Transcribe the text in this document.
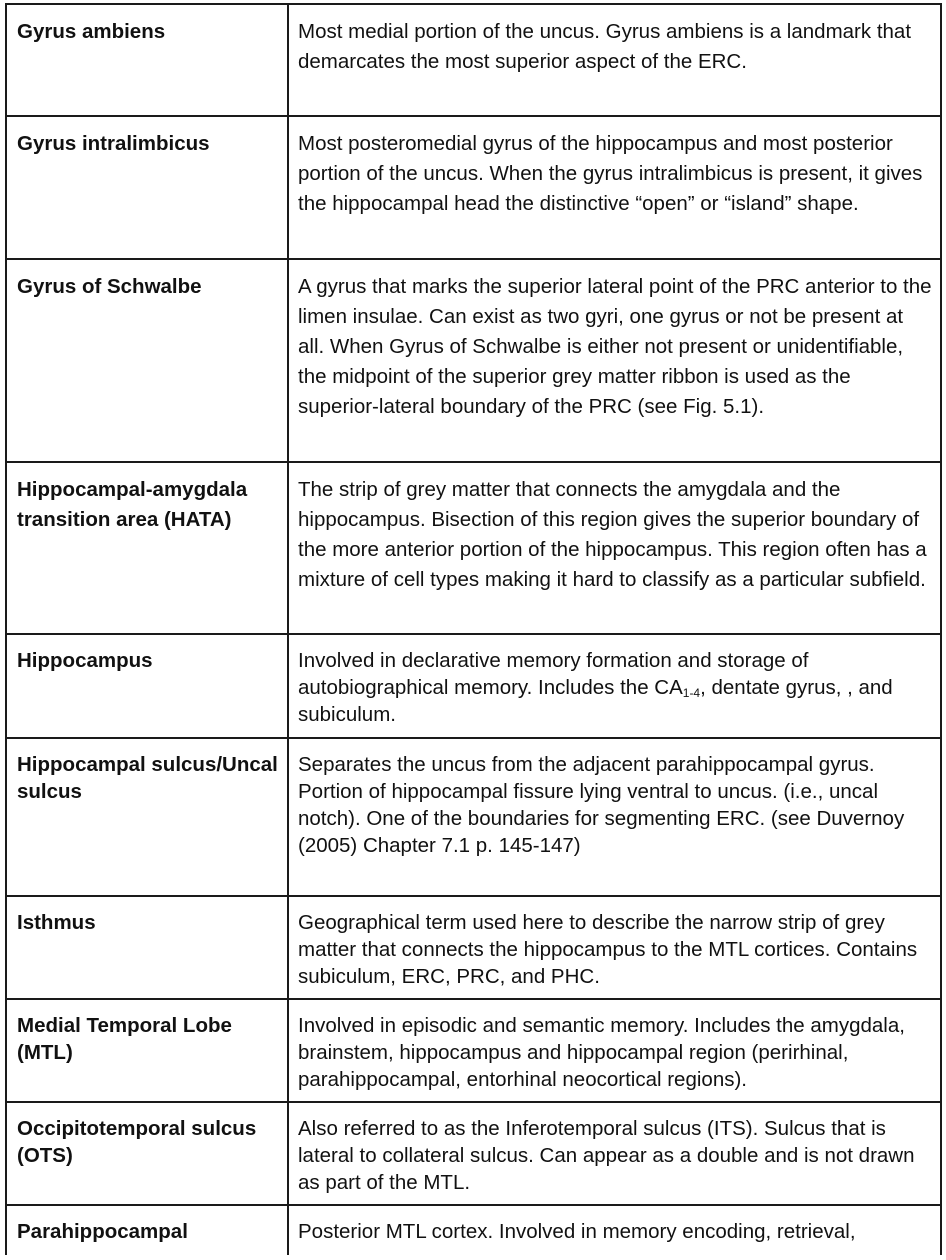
Gyrus ambiens	Most medial portion of the uncus. Gyrus ambiens is a landmark that demarcates the most superior aspect of the ERC.
Gyrus intralimbicus	Most posteromedial gyrus of the hippocampus and most posterior portion of the uncus. When the gyrus intralimbicus is present, it gives the hippocampal head the distinctive “open” or “island” shape.
Gyrus of Schwalbe	A gyrus that marks the superior lateral point of the PRC anterior to the limen insulae. Can exist as two gyri, one gyrus or not be present at all. When Gyrus of Schwalbe is either not present or unidentifiable, the midpoint of the superior grey matter ribbon is used as the superior-lateral boundary of the PRC (see Fig. 5.1).
Hippocampal-amygdala transition area (HATA)	The strip of grey matter that connects the amygdala and the hippocampus. Bisection of this region gives the superior boundary of the more anterior portion of the hippocampus. This region often has a mixture of cell types making it hard to classify as a particular subfield.
Hippocampus	Involved in declarative memory formation and storage of autobiographical memory. Includes the $CA_{1-4}$, dentate gyrus, , and subiculum.
Hippocampal sulcus/Uncal sulcus	Separates the uncus from the adjacent parahippocampal gyrus. Portion of hippocampal fissure lying ventral to uncus. (i.e., uncal notch). One of the boundaries for segmenting ERC. (see Duvernoy (2005) Chapter 7.1 p. 145-147)
Isthmus	Geographical term used here to describe the narrow strip of grey matter that connects the hippocampus to the MTL cortices. Contains subiculum, ERC, PRC, and PHC.
Medial Temporal Lobe (MTL)	Involved in episodic and semantic memory. Includes the amygdala, brainstem, hippocampus and hippocampal region (perirhinal, parahippocampal, entorhinal neocortical regions).
Occipitotemporal sulcus (OTS)	Also referred to as the Inferotemporal sulcus (ITS). Sulcus that is lateral to collateral sulcus. Can appear as a double and is not drawn as part of the MTL.
Parahippocampal	Posterior MTL cortex. Involved in memory encoding, retrieval,
